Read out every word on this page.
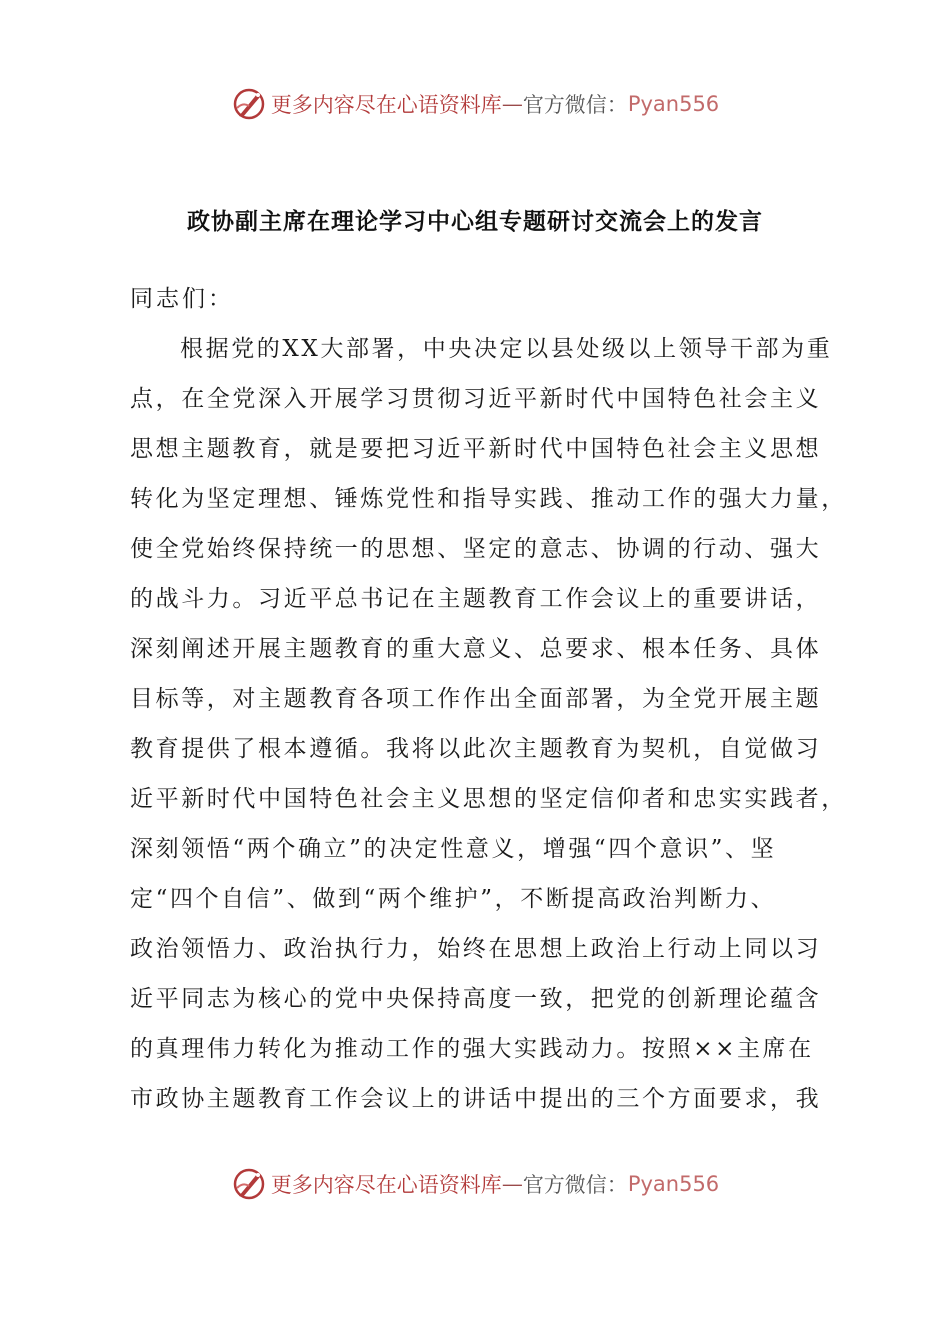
更多内容尽在心语资料库 — 官方微信： Pyan556
政协副主席在理论学习中心组专题研讨交流会上的发言

同志们：

根据党的XX大部署，中央决定以县处级以上领导干部为重
点，在全党深入开展学习贯彻习近平新时代中国特色社会主义
思想主题教育，就是要把习近平新时代中国特色社会主义思想
转化为坚定理想、锤炼党性和指导实践、推动工作的强大力量，
使全党始终保持统一的思想、坚定的意志、协调的行动、强大
的战斗力。习近平总书记在主题教育工作会议上的重要讲话，
深刻阐述开展主题教育的重大意义、总要求、根本任务、具体
目标等，对主题教育各项工作作出全面部署，为全党开展主题
教育提供了根本遵循。我将以此次主题教育为契机，自觉做习
近平新时代中国特色社会主义思想的坚定信仰者和忠实实践者，
深刻领悟“两个确立”的决定性意义，增强“四个意识”、坚
定“四个自信”、做到“两个维护”，不断提高政治判断力、
政治领悟力、政治执行力，始终在思想上政治上行动上同以习
近平同志为核心的党中央保持高度一致，把党的创新理论蕴含
的真理伟力转化为推动工作的强大实践动力。按照××主席在
市政协主题教育工作会议上的讲话中提出的三个方面要求，我
更多内容尽在心语资料库 — 官方微信： Pyan556
